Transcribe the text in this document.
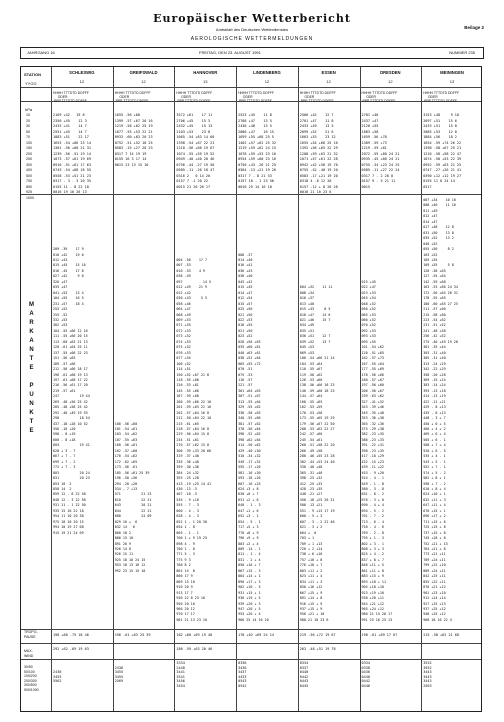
Europäischer Wetterbericht
Beilage 2
Amtsblatt des Deutschen Wetterdienstes
AEROLOGISCHE WETTERMELDUNGEN
JAHRGANG 16	FREITAG, DEN 23. AUGUST 1991	NUMMER 235
STATION
YYGG
hPa
10
20
30
50
70
100
150
200
250
300
400
500
700
850
925
1000
M
A
R
K
A
N
T
E

P
U
N
K
T
E
TROPO-
PAUSE
MAX-
WIND
30/50
50/100
100/200
200/300
300/500
500/1000
SCHLESWIG
12
HHHH TTTDTD DDFFF
ODER
PPP TTTDTD DDFFF
2169 +42   19 8
2350 +45    12 3
2433 +41    14 7
2551 +45    14 7
1883 +51    22 17
1653 -54 +66 23 14
1381 -56 +60 21 31
1239 -56 -51 19 14
1073 -57 +61 19 69
0916 -51 +61 17 63
0743 -54 +68 18 55
0558 -53 +51 21 23
0317 - 3 - 3 20 35
0155 11 - 8 22 18
0016 19 16 26 13

209 -39    17 9
010 +42    19 6
012 +43
015 +45    15 16
016 -45    17 8
027 +42     9 8
326 +47
035 +47
041 +53    13 4
104 +55    16 5
231 +57    18 4
253 +52
255 -52
332 +53
382 +53
104 -55 +66 12 16
111 -55 +66 20 15
113 -60 +63 21 13
120 -61 +64 25 11
137 -55 +66 22 23
151 -56 +65
189 -57 +66
212 -58 +66 18 17
196 -61 +68 19 13
197 -61 +68 17 22
216 -56 +61 17 20
219 -57 +61
247          19 44
269 -48 +56 25 42
285 -48 +58 25 42
292 -40 +49 19 53
298          18 54
437 -18 +28 10 52
556 -10 +20
598 - 8 +19
600 - 8 +18
603          19 41
628 + 3 - 7
667 + 7 - 7
699 + 7 - 2
772 + 7 - 3
803          20 24
831          20 23
853 10  2
858 14  2
859 12 - 8 22 58
848 12 - 3 22 58
931 11 - 1 22 50
935 15 10 22 18
954 11 10 20 38
975 18 10 20 15
994 18 19 27 08
915 19 21 24 09
198 +60 -75 18 46
292 +62 -69 19 63

2436
3455
5562
GREIFSWALD
12
HHHH TTTDTD DDFFF
ODER
PPP TTTDTD DDFFF
1655 -56 +60
1399 -57 +67 26 16
1219 -58 +62 25 19
1077 -55 +53 22 21
0933 -60 +63 20 23
0752 -51 +52 18 25
0583 -15 +27 20 23
0317 7 14 19 19
0155 16 3 17 14
0015 23 13 15 10

100 -56 +60
101 -54 +61
103 -54 +62
107 -55 +63
160 -56 +61
162 -57 +60
170 -54 +62
172 -62 +65
173 -56 -61
185 -56 +61 25 39
196 -50 +56
294 -20 +28
534 - 7 +13
571          21 23
610          22 21
643          20 21
644          22 21
680          24 09
829 16 +  6
832 14   6
860 18 2
866 15 10
891 20 9
926 14 8
926 15 11
925 18 10 24 15
953 18 13 16 12
992 23 15 15 10
196 -61 +63 25 39

2436
3455
3455
2569
HANNOVER
13
HHHH TTTDTD DDFFF
ODER
PPP TTTDTD DDFFF
3572 +61    17 11
2706 +45    15 3
2432 +45    15 13
2103 +53    23 8
1665 -54 +63 14 60
1398 -54 +67 22 21
1218 -56 +66 19 67
1074 -55 +59 19 52
0949 -40 +40 20 46
0756 -44 -27 19 50
0585 -11 -26 18 47
0316 2   0 14 20
0157 7 -1 20 22
0015 21 20 26 17

004 -50    17 7
007 -53
010 -53    4 9
038 -49
097          14 5
012 +49    21 9
012 +42
030 +43     5 5
058 +46
064 +47
068 +49
069 +53
071 +55
072 +53
073 +52
074 +53
075 +52
076 +53
077 +54
106 +52
114 +51
150 +52 +67 21 8
118 -55 +66
126 -53 +61
145 -55 +66
167 -59 +60
180 -59 +66 22 10
201 -59 +63 21 10
202 -57 +64 16 8
212 -50 +64 22 10
215 -61 +65
218 -57 +64 16 8
229 -56 +64 15 8
234 -51 +61
270 -57 +62 15 8
306 -39 +33 20 66
319 -37 +40
335 -36 +40
359 -30 +36
384 -24 +32
393 -25 +28
413 -19 +25 14 41
436 -13 -3
467 -10 -3
535 - 9 +10
555 - 7 - 3
600 - 4 - 3
628 - 4 - 3
652 1 - 1 20 30
654 1 - 8
665 - 1 - 1
706 1 + 9 19 25
698 4 - 9
700 1 - 8
771 5 - 3
775 9 3
768 8 2
801 14  8
866 17 9
889 15 10
910 20 9
913 17 7
936 22 8 23 10
950 20 10
966 20 12
970 17 17
981 21 13 23 10
182 +60 +69 19 40
186 -59 +63 20 46
3334
2448
3441
3541
3456
3454
LINDENBERG
12
HHHH TTTDTD DDFFF
ODER
PPP TTTDTD DDFFF
2523 +45    11 8
2708 +47    13 5
2436 +48    13 5
2086 +47    16 15
1659 +55 +68 25 5
1402 +57 +62 25 32
1219 +59 +62 24 15
1078 +59 +53 23 16
0934 +59 +60 23 16
0750 +43 -26 21 25
0584 -13 +21 19 26
0317 7 - 8 21 53
0157 10 - 1 23 50
0016 25 14 16 10

008 -37
014 +40
016 +41
036 +43
038 +40
045 +42
015 +45
014 +47
012 +54
015 +57
025 +56
021 +50
022 +53
018 +55
021 +50
023 +52
028 +56 +63
035 +60 +61
040 +63 +61
038 +52 +64
065 +55 +72
070 -51
075 -53
116 -57
221 -57
301 +64 +63
307 -51 +67
313 -55 +64
329 -55 +62
338 -58 +63
340 -55 +66
381 -57 +62
378 -56 +64
398 -52 +62
398 +62 +64
414 -50 +62
429 -40 +30
510 -34 +32
549 -17 +32
555 -17 +26
581 -16 +30
593 -18 +26
607 -16 +25
624 +3 + 8
630 +0 + 7
631 +2 + 6
640 - 1 - 3
647 +1 + 6
652 +3 - 1
654 - 5 - 1
717 +5 + 3
770 +8 + 9
796 +9 + 9
803 +2 + 4
809 -14 - 1
811 - 1 - 4
831 - 2 + 4
850 +16 + 7
867 +15 - 3
884 +14 + 1
890 +17 + 3
902 +16 - 3
931 +15 + 1
936 +19 + 5
939 +20 + 3
947 +20 + 5
953 +20 + 4
966 25 14 16 10
178 +62 +69 24 14
0336
3436
3437
4433
0543
0542
ESSEN
12
HHHH TTTDTD DDFFF
ODER
PPP TTTDTD DDFFF
2566 +42    12 7
2701 +47    11 8
2433 +49    13 3
2099 +52    21 6
1663 +53    23 12
1655 +54 +66 25 16
1392 +56 +65 22 29
1208 +59 +63 21 32
1071 +57 +61 22 28
0942 +42 +58 19 70
0755 -42 -40 19 20
0583 -17 +21 19 20
0318 4 -8 12 20
0157 -12 + 0 20 28
0016 21 10 23 6

004 +32    11 11
008 +34
010 +37
013 +40
015 +43     8 5
018 +47    14 6
021 +46    15 7
034 +49
035 +51
036 +51    12 7
039 +52    13 7
045 +53
069 +53
100 -54 +66 21 14
104 -53 +64
110 -55 +67
119 -50 +62
126 -53 +60
138 -56 +66 18 23
140 -59 +60 18 25
144 -57 +64
160 -55 +65
162 -53 +59
170 -53 +58
173 -55 +65 19 29
179 -56 +67 22 50
208 -53 +62 22 27
242 -57 +60
245 -54 +61
260 -51 +58 22 20
266 -49 +58
280 -46 +55 23 28
302 -44 +53 24 40
330 -40 +48
365 -31 +40
398 -25 +32
412 -25 +33
428 -23 +35
440 -21 +27
450 -18 +25 26 31
500 -13 +21
551 - 9 +13 17 19
600 - 5 + 3
607 - 3 - 2 22 46
621 - 3 + 2
664 +  0
703 + 1
709 + 1 +13
720 + 2 +14
738 + 6 +10
757 +10 + 8
776 +10 + 7
803 +11 + 2
823 +11 + 4
834 +11 + 3
850 +16 +12
867 +15 + 9
891 +14 + 8
916 +15 + 9
937 +15 + 9
950 +21 + 10
980 21 10 23 6
219 -56 +72 19 67
263 -48 +51 19 78
0334
0337
0440
0442
0443
0445
DRESDEN
12
HHHH TTTDTD DDFFF
ODER
PPP TTTDTD DDFFF
2701 +46
2437 +47
2120 +55
1883 +58
1659 -56 +78
1389 -59 +73
1219 -59 +61
1072 -59 +60 24 21
0935 -45 +60 24 21
0755 -34 +23 24 25
0585 -11 +27 22 24
0317 7 - 2 20 8
0157 9 - 5 21 11
0015

015 +45
022 +47
023 +53
045 +54
048 +52
056 +52
065 +53
066 +52
070 +52
092 +53
093 +53
095 +55
101 -54 +62
120 -51 +65
162 -57 +73
167 -55 +64
177 -55 +69
178 -56 +66
180 -57 +67
197 -56 +60
206 -56 +67
239 -63 +62
327 -41 +52
343 -39 +46
345 -35 +48
353 -36 +38
365 -32 +36
375 -29 +38
382 -23 +35
386 -23 +33
391 -22 +31
396 -23 +35
417 -18 +29
432 -15 +23
439 -11 +22
453 - 9 +20
524 - 4 - 1
549 - 1 - 8
580 - 3 - 8
631 - 8 - 2
676 - 3 + 0
690 - 4 + 4
694 - 5 - 2
701 - 7 - 2
713 - 6 - 4
750 - 4 - 6
769 - 2 - 8
795 + 1 - 3
802 + 3 - 1
808 + 3 + 3
825 + 4 - 2
837 + 8 + 7
846 +11 + 5
861 +11 + 8
883 +15 + 9
893 +18 + 11
905 +18 +10
923 +19 +10
938 +20 +11
944 +21 +12
965 +24 +12
980 21 15 26 17
991 25 16 25 13
190 -61 +69 17 67
0334
0338
0436
0440
0442
0446
MEININGEN
13
HHHH TTTDTD DDFFF
ODER
PPP TTTDTD DDFFF
3153 +48     9 10
2697 +51    15 6
2433 +51    15 8
2085 +53    12 8
1884 +56    18 2
1654 -59 +74 26 22
1398 -58 +67 25 21
1216 -58 +58 22 47
1074 -58 +53 22 39
0952 -59 +63 21 25
0747 -27 +26 21 41
0390 +12 +12 19 27
0155 11 8 24 14
0317
007 +34    10 10
008 +40    11 10
011 +49
012 +47
014 +47
017 +48    12 8
031 +50    13 8
035 +52    13 2
040 +52
055 +50     8 2
103 +52
105 +55
109 +55     5 8
120 -58 +65
127 -55 +64
142 -59 +68
163 -53 +66 24 34
172 -56 +64 26 31
178 -55 +65
180 -60 +65 27 25
211 -57 +60
215 -58 +60
223 -54 +62
231 -51 +52
241 -48 +58
256 -42 +52
275 -40 +49 19 28
301 -35 +44
303 -31 +40
305 -31 +40
313 -24 +29
342 -22 +29
358 -20 +28
369 -15 +24
383 -14 +24
393 -13 +18
414 -13 +19
422 -11 +21
429 - 8 +13
435 - 6 +13
448 - 3 + 7
450 + 0 + 5
460 + 4 + 2
469 + 6 + 4
505 + 6 - 1
508 + 7 + 4
520 + 6 - 5
535 + 4 - 1
543 + 5 - 1
552 + 7 - 1
574 + 5 - 2
582 + 8 + 1
598 + 7 - 2
610 + 8 + 4
624 +10 + 1
632 +11 + 3
647 +11 + 4
670 +15 + 1
696 +17 + 2
711 +15 + 6
725 +15 + 8
737 +15 + 8
745 +18 + 8
752 +21 + 13
764 +21 + 8
773 +21 +11
789 +24 +11
799 +22 +10
809 +24 +11
842 +25 +11
855 +22 +11
876 +21 +12
901 +23 +10
912 +24 +14
927 +25 +13
937 +25 +12
948 +25 +12
968 18 16 22 4
215 -58 +62 21 68
3532
3552
3443
3443
3443
2563
